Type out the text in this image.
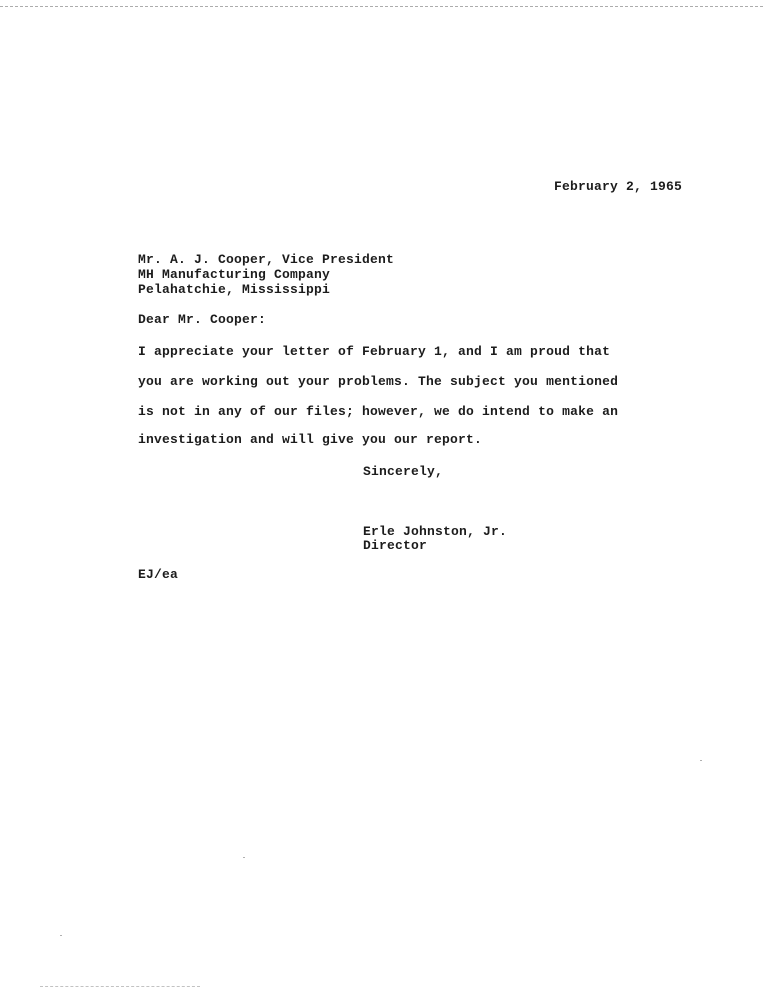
February 2, 1965
Mr. A. J. Cooper, Vice President
MH Manufacturing Company
Pelahatchie, Mississippi
Dear Mr. Cooper:
I appreciate your letter of February 1, and I am proud that
you are working out your problems. The subject you mentioned
is not in any of our files; however, we do intend to make an
investigation and will give you our report.
Sincerely,
Erle Johnston, Jr.
Director
EJ/ea
